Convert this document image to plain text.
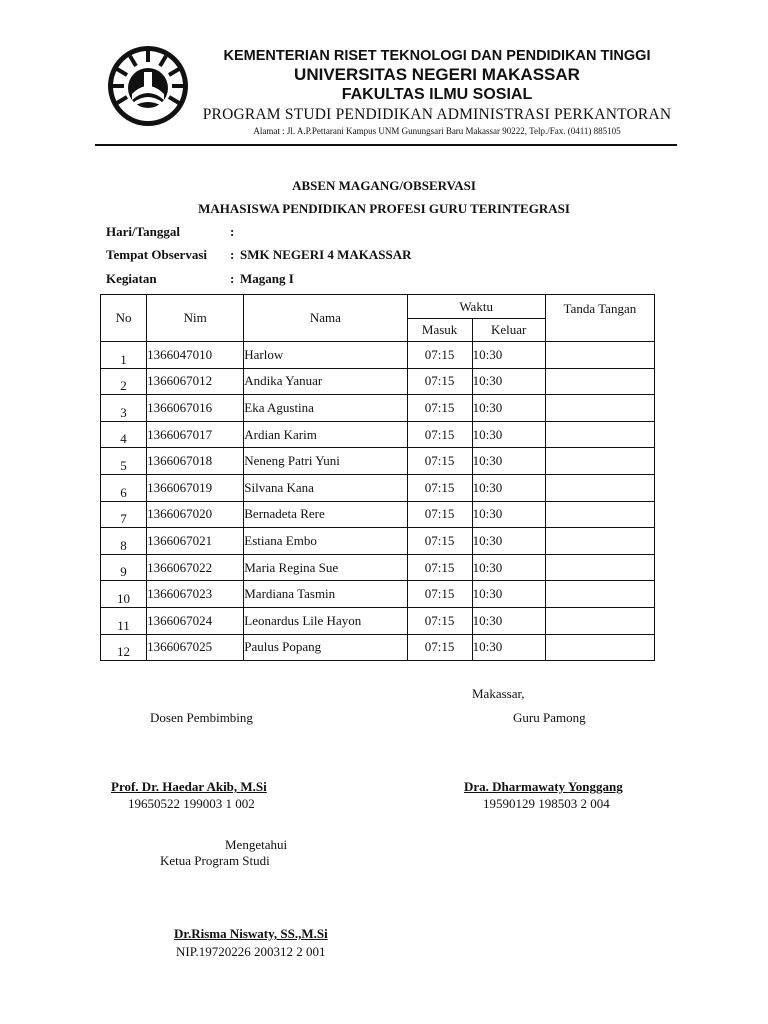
KEMENTERIAN RISET TEKNOLOGI DAN PENDIDIKAN TINGGI
UNIVERSITAS NEGERI MAKASSAR
FAKULTAS ILMU SOSIAL
PROGRAM STUDI PENDIDIKAN ADMINISTRASI PERKANTORAN
Alamat : Jl. A.P.Pettarani Kampus UNM Gunungsari Baru Makassar 90222, Telp./Fax. (0411) 885105
ABSEN MAGANG/OBSERVASI
MAHASISWA PENDIDIKAN PROFESI GURU TERINTEGRASI
Hari/Tanggal	:
Tempat Observasi : SMK NEGERI 4 MAKASSAR
Kegiatan	: Magang I
No	Nim	Nama	Waktu		Tanda Tangan
			Masuk	Keluar	
1	1366047010	Harlow	07:15	10:30	
2	1366067012	Andika Yanuar	07:15	10:30	
3	1366067016	Eka Agustina	07:15	10:30	
4	1366067017	Ardian Karim	07:15	10:30	
5	1366067018	Neneng Patri Yuni	07:15	10:30	
6	1366067019	Silvana Kana	07:15	10:30	
7	1366067020	Bernadeta Rere	07:15	10:30	
8	1366067021	Estiana Embo	07:15	10:30	
9	1366067022	Maria Regina Sue	07:15	10:30	
10	1366067023	Mardiana Tasmin	07:15	10:30	
11	1366067024	Leonardus Lile Hayon	07:15	10:30	
12	1366067025	Paulus Popang	07:15	10:30	
Makassar,
Dosen Pembimbing	Guru Pamong
Prof. Dr. Haedar Akib, M.Si
19650522 199003 1 002
Dra. Dharmawaty Yonggang
19590129 198503 2 004
Mengetahui
Ketua Program Studi
Dr.Risma Niswaty, SS.,M.Si
NIP.19720226 200312 2 001
